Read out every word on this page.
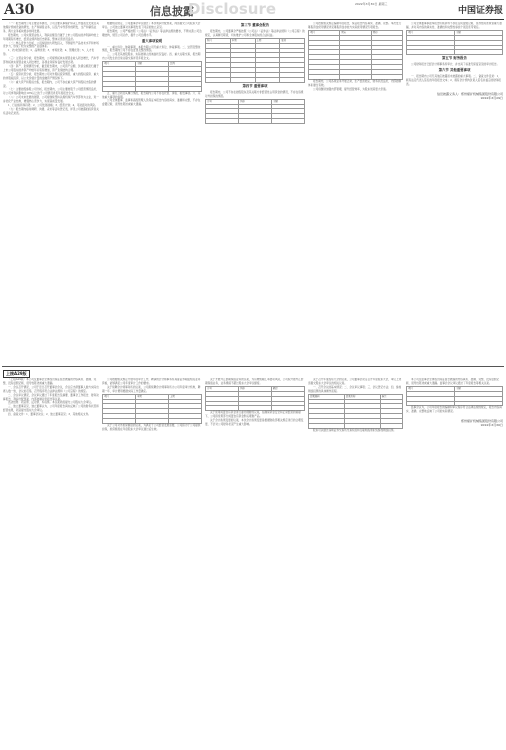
A30	信息披露
Disclosure	2022年3月30日 星期三
中国证券报

（一）报告期内公司主要业务情况，公司主要从事煤矿综采工作面液压支架及其他煤矿机械设备的研发、生产和销售业务，以及汽车零部件的研发、生产和销售业务，两大业务板块稳步协同发展。

报告期内，公司实现营业收入、利润总额及归属于上市公司股东的净利润均较上年同期有所增长，经营业绩再创历史新高，整体运营状况良好。

（二）核心竞争力分析，公司持续加大研发投入，不断提升产品技术水平和市场竞争力，形成了较为完整的产业链体系。

1、技术创新优势；2、品牌优势；3、市场优势；4、管理优势；5、人才优势。

（三）主营业务分析，报告期内，公司煤机板块实现营业收入同比增长，汽车零部件板块实现营业收入同比增长，各项业务保持良好发展态势。

（四）资产、负债情况分析，截至报告期末，公司资产总额、负债总额及归属于上市公司股东的净资产均较年初有所增加，资产负债结构合理。

（五）投资状况分析，报告期内公司对外股权投资情况、重大的股权投资、重大的非股权投资、以公允价值计量的金融资产情况如下。

（六）重大资产和股权出售，报告期内，公司不存在重大资产和股权出售的情况。

（七）主要控股参股公司分析，报告期内，公司主要控股子公司经营情况良好，对公司净利润影响达10%以上的子公司情况详见年度报告全文。

（八）公司未来发展的展望，公司将继续坚持以煤机和汽车零部件为主业，进一步优化产业结构，增强核心竞争力，实现高质量发展。

1、行业格局和趋势；2、公司发展战略；3、经营计划；4、可能面对的风险。

（九）报告期内接待调研、沟通、采访等活动登记表，详见公司披露的投资者关系活动记录表。

根据相关规定，公司董事会审议通过了本次利润分配预案，尚需提交公司股东大会审议。公司独立董事对该事项发表了同意的独立意见。

报告期内，公司严格按照《公司法》《证券法》等法律法规的要求，不断完善公司治理结构，规范公司运作，提升公司治理水平。

重大事项说明

一、重大诉讼、仲裁事项，本报告期公司无重大诉讼、仲裁事项。二、处罚及整改情况，报告期内公司不存在处罚及整改情况。

三、公司及其控股股东、实际控制人的诚信状况良好。四、重大关联交易，报告期内公司发生的日常关联交易详见年报全文。

项目	金额	比例

五、重大合同及其履行情况，报告期内公司不存在托管、承包、租赁事项。六、其他重大事项的说明。

公司全体董事、监事和高级管理人员保证本报告内容的真实、准确和完整，不存在虚假记载、误导性陈述或重大遗漏。

第三节 董事会报告

报告期内，公司董事会严格按照《公司法》《证券法》等法律法规和《公司章程》的规定，认真履行职责，切实维护公司和全体股东的合法权益。

科目	本期	上期	变动

第四节 重要事项

报告期内，公司不存在控股股东及其关联方非经营性占用资金的情况，不存在违规对外担保的情况。

序号	名称	金额

公司按照相关规定编制年度报告，保证报告内容真实、准确、完整。本次发行募集资金使用情况详见募集资金存放与实际使用情况专项报告。

项目	期末	期初

报告期内，公司各项业务开展正常，生产经营稳定，财务状况良好，内部控制体系健全有效。

公司将继续加强内部管理，提升经营效率，为股东创造更大价值。

公司全体董事承诺本报告所载资料不存在任何虚假记载、误导性陈述或者重大遗漏，并对其内容的真实性、准确性和完整性承担个别及连带责任。

项目	金额

第五节 财务报告

公司财务报告已经会计师事务所审计，并出具了标准无保留意见的审计报告。

第六节 其他重要事项

一、报告期内公司无其他应披露而未披露的重大事项。二、备查文件目录：1、载有法定代表人签名的年度报告文本；2、载有会计机构负责人签名并盖章的财务报表。

信息披露义务人：郑州煤矿机械集团股份有限公司
2022年3月29日
上接A29版

（上接A29版）本公司及董事会全体成员保证信息披露的内容真实、准确、完整，没有虚假记载、误导性陈述或重大遗漏。

一、会议召开情况，公司于近日召开董事会会议，会议应出席董事人数与实际出席人数一致，会议的召集、召开程序符合法律法规和《公司章程》的规定。

二、会议审议情况，会议审议通过了年度报告及摘要、董事会工作报告、财务决算报告、利润分配预案、内部控制评价报告等议案。

表决结果：同意票、反对票、弃权票。本议案尚需提交公司股东大会审议。

三、独立董事意见，独立董事认为，公司年度报告真实反映了公司的财务状况和经营成果，同意提交股东大会审议。

四、备查文件：1、董事会决议；2、独立董事意见；3、其他相关文件。

公司根据相关规定开展年度审计工作，聘请的会计师事务所具备证券期货相关业务资格，能够满足公司年度审计工作的要求。

关于续聘会计师事务所的议案，公司拟续聘会计师事务所为公司年度审计机构，聘期一年，审计费用根据实际工作量确定。

项目	本期	上期

关于公司对外担保额度的议案，为满足子公司经营发展需要，公司拟为子公司提供担保，担保额度在年度股东大会审议通过后生效。

关于开展外汇套期保值业务的议案，为有效规避汇率波动风险，公司拟开展外汇套期保值业务，业务规模不超过股东大会审议额度。

序号	名称	额度

关于使用闲置自有资金进行委托理财的议案，在确保资金安全和正常经营的前提下，公司拟使用部分闲置自有资金购买理财产品。

关于会计政策变更的议案，本次会计政策变更是根据财政部相关规定进行的合理变更，不会对公司财务状况产生重大影响。

关于召开年度股东大会的议案，公司董事会决定召开年度股东大会，审议上述需提交股东大会审议的相关议案。

一、召开会议的基本情况；二、会议审议事项；三、会议登记方法；四、参加网络投票的具体操作流程。

提案编码	提案名称	备注

股东可以通过深圳证券交易所交易系统和互联网投票系统参加网络投票。

本公司及监事会全体成员保证信息披露的内容真实、准确、完整，没有虚假记载、误导性陈述或重大遗漏。监事会会议审议通过了年度报告等相关议案。

项目	金额

监事会认为，公司年度报告的编制和审议程序符合法律法规的规定，报告内容真实、准确、完整地反映了公司的实际情况。

郑州煤矿机械集团股份有限公司
2022年3月30日
